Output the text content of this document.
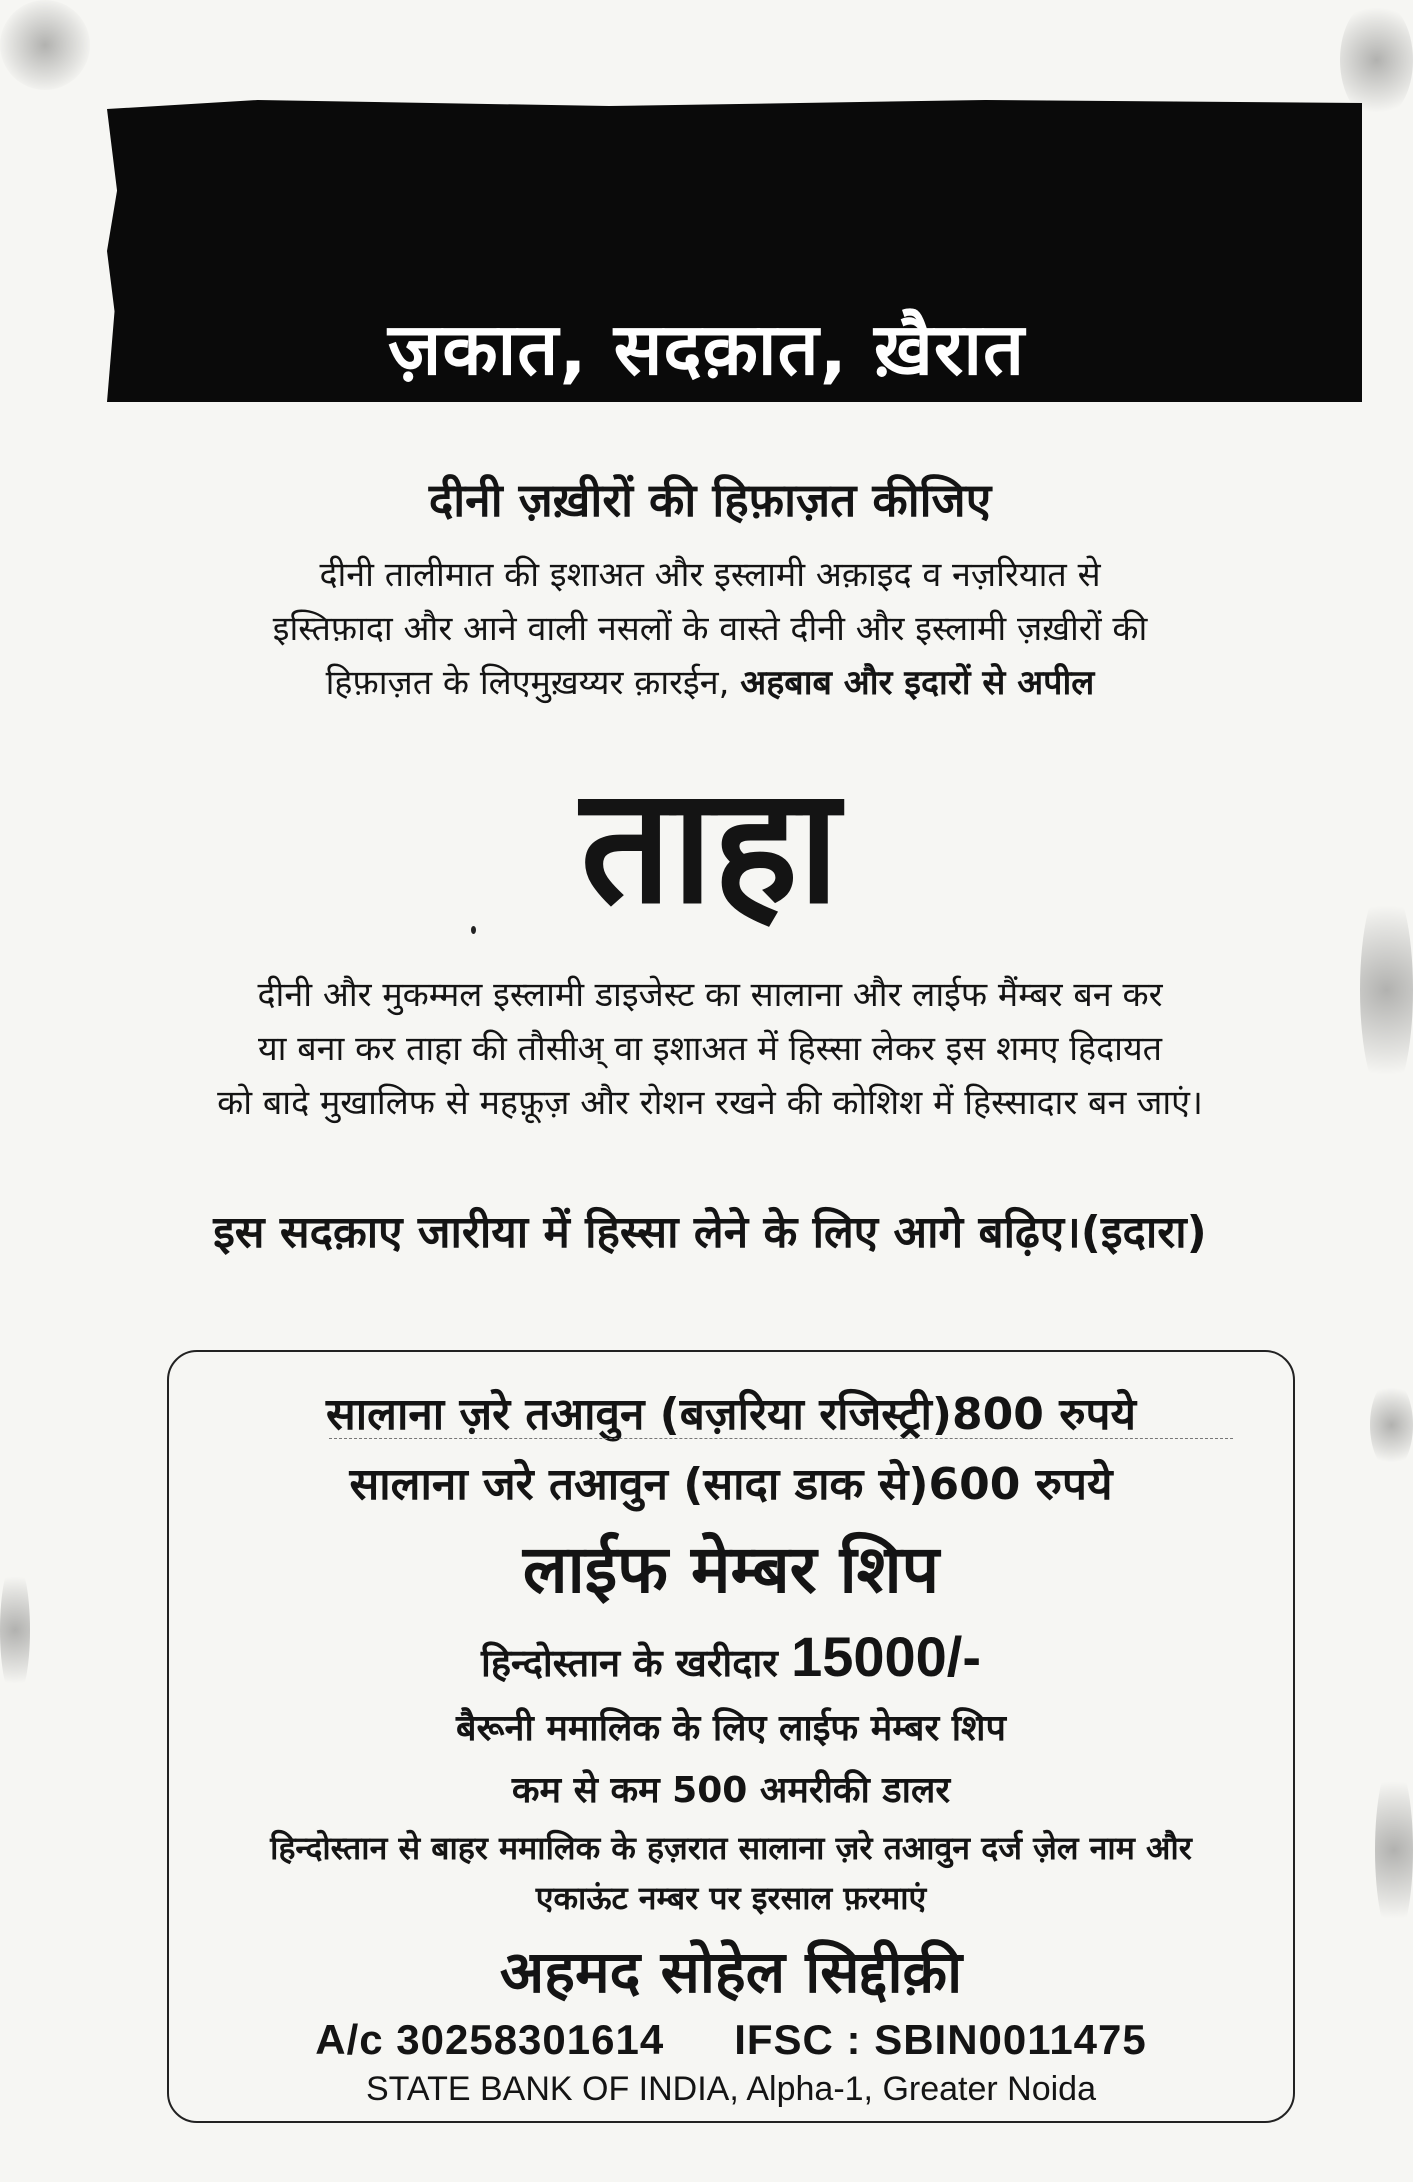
ज़कात, सदक़ात, ख़ैरात
दीनी ज़ख़ीरों की हिफ़ाज़त कीजिए
दीनी तालीमात की इशाअत और इस्लामी अक़ाइद व नज़रियात से
इस्तिफ़ादा और आने वाली नसलों के वास्ते दीनी और इस्लामी ज़ख़ीरों की
हिफ़ाज़त के लिएमुख़य्यर क़ारईन, अहबाब और इदारों से अपील
ताहा
दीनी और मुकम्मल इस्लामी डाइजेस्ट का सालाना और लाईफ मैंम्बर बन कर
या बना कर ताहा की तौसीअ् वा इशाअत में हिस्सा लेकर इस शमए हिदायत
को बादे मुखालिफ से महफ़ूज़ और रोशन रखने की कोशिश में हिस्सादार बन जाएं।
इस सदक़ाए जारीया में हिस्सा लेने के लिए आगे बढ़िए।(इदारा)
सालाना ज़रे तआवुन (बज़रिया रजिस्ट्री)800 रुपये
सालाना जरे तआवुन (सादा डाक से)600 रुपये
लाईफ मेम्बर शिप
हिन्दोस्तान के खरीदार 15000/-
बैरूनी ममालिक के लिए लाईफ मेम्बर शिप
कम से कम 500 अमरीकी डालर
हिन्दोस्तान से बाहर ममालिक के हज़रात सालाना ज़रे तआवुन दर्ज ज़ेल नाम और
एकाऊंट नम्बर पर इरसाल फ़रमाएं
अहमद सोहेल सिद्दीक़ी
A/c 30258301614 IFSC : SBIN0011475
STATE BANK OF INDIA, Alpha-1, Greater Noida
